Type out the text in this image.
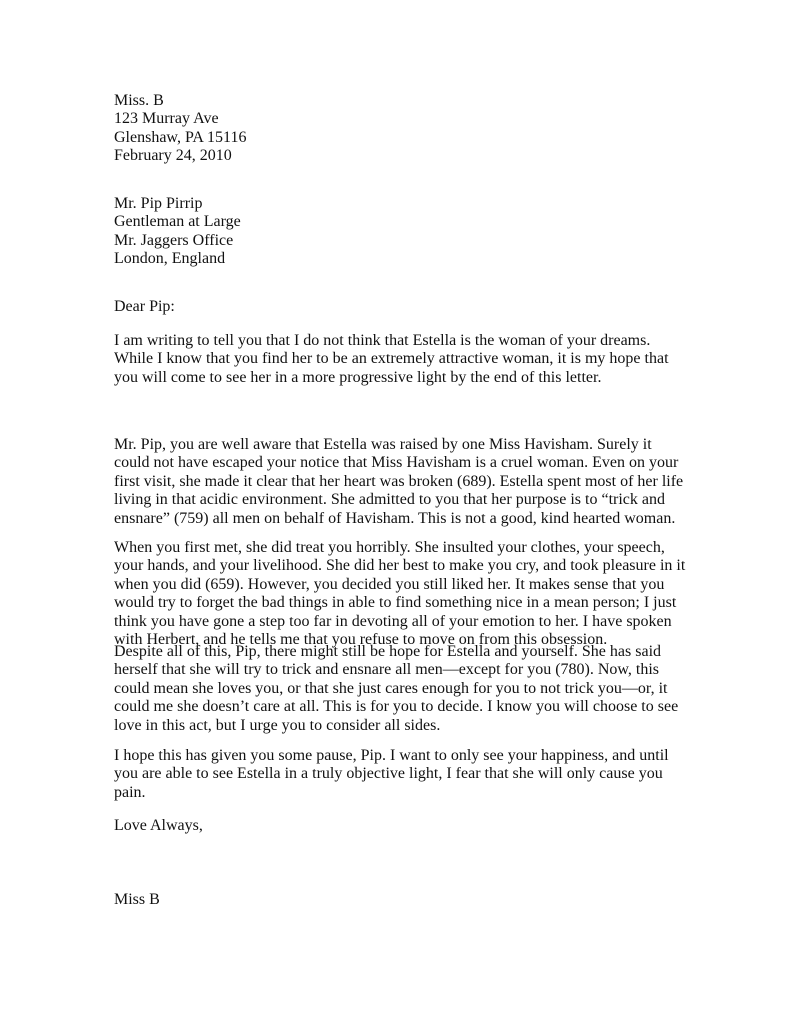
Miss. B
123 Murray Ave
Glenshaw, PA 15116
February 24, 2010
Mr. Pip Pirrip
Gentleman at Large
Mr. Jaggers Office
London, England
Dear Pip:
I am writing to tell you that I do not think that Estella is the woman of your dreams.
While I know that you find her to be an extremely attractive woman, it is my hope that
you will come to see her in a more progressive light by the end of this letter.
Mr. Pip, you are well aware that Estella was raised by one Miss Havisham. Surely it
could not have escaped your notice that Miss Havisham is a cruel woman. Even on your
first visit, she made it clear that her heart was broken (689). Estella spent most of her life
living in that acidic environment. She admitted to you that her purpose is to “trick and
ensnare” (759) all men on behalf of Havisham. This is not a good, kind hearted woman.
When you first met, she did treat you horribly. She insulted your clothes, your speech,
your hands, and your livelihood. She did her best to make you cry, and took pleasure in it
when you did (659). However, you decided you still liked her. It makes sense that you
would try to forget the bad things in able to find something nice in a mean person; I just
think you have gone a step too far in devoting all of your emotion to her. I have spoken
with Herbert, and he tells me that you refuse to move on from this obsession.
Despite all of this, Pip, there might still be hope for Estella and yourself. She has said
herself that she will try to trick and ensnare all men—except for you (780). Now, this
could mean she loves you, or that she just cares enough for you to not trick you—or, it
could me she doesn’t care at all. This is for you to decide. I know you will choose to see
love in this act, but I urge you to consider all sides.
I hope this has given you some pause, Pip. I want to only see your happiness, and until
you are able to see Estella in a truly objective light, I fear that she will only cause you
pain.
Love Always,
Miss B
